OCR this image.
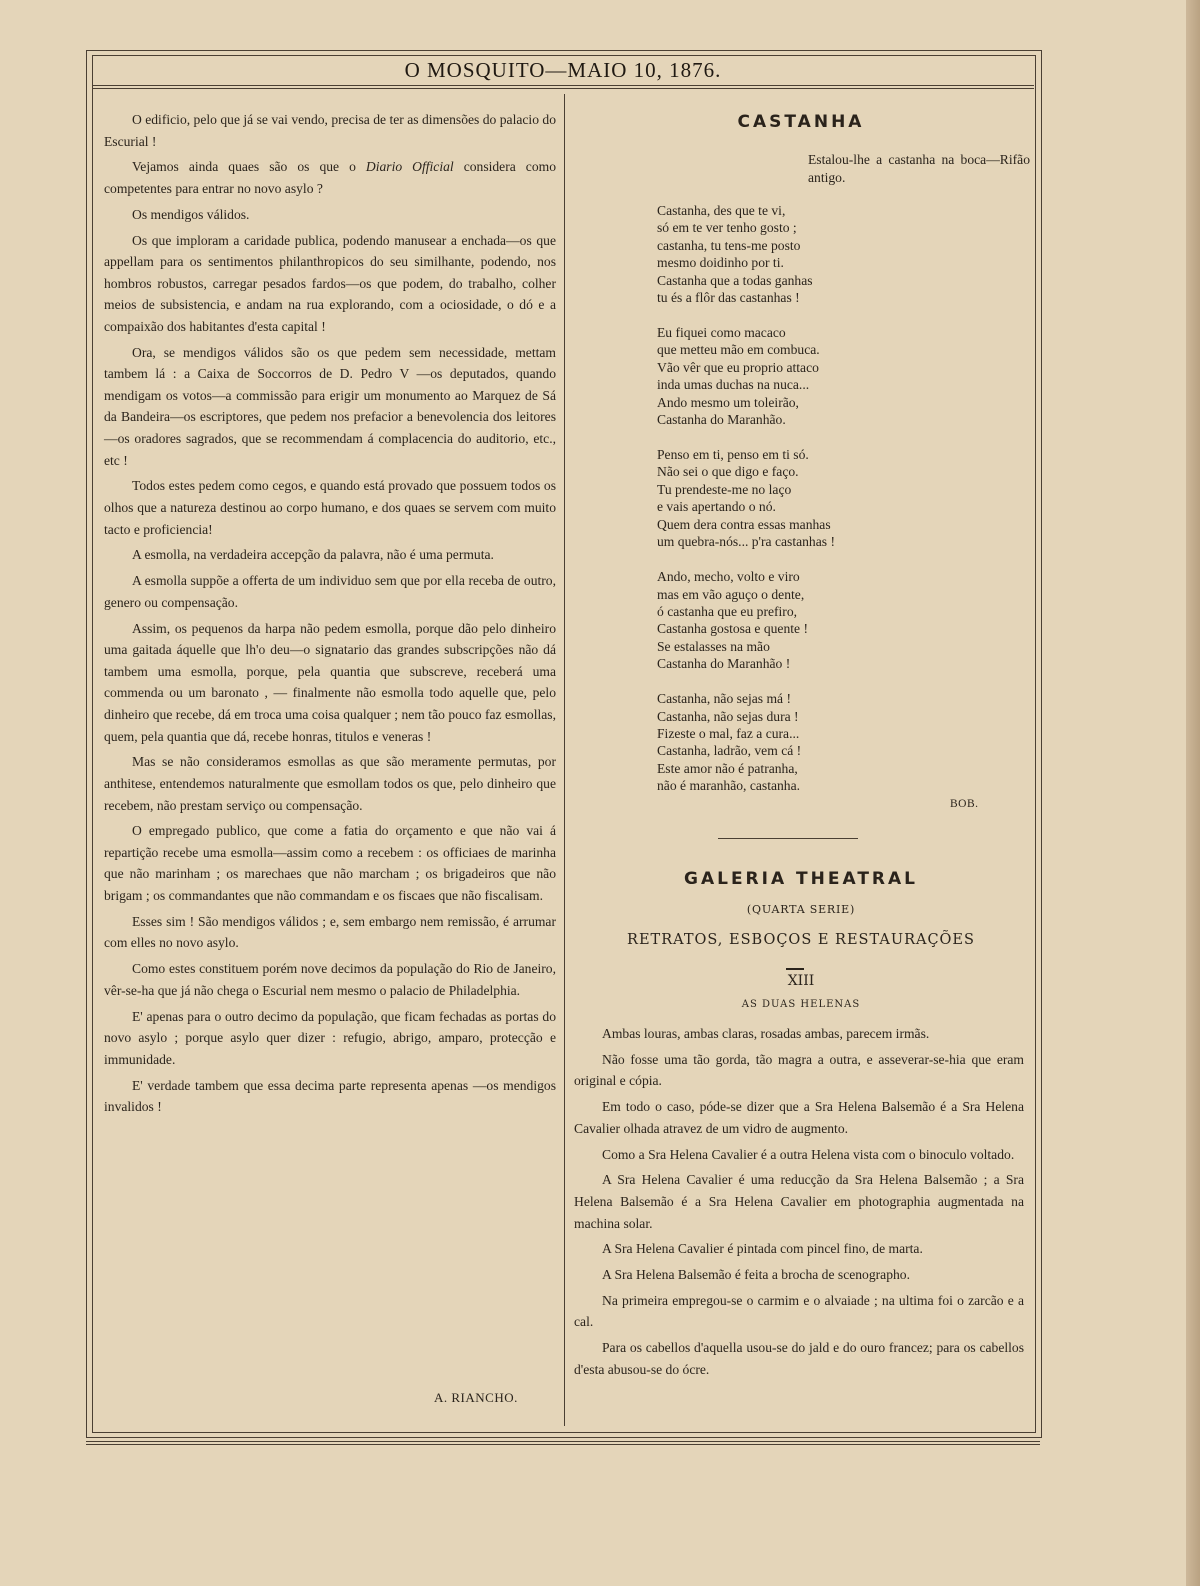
O MOSQUITO—MAIO 10, 1876.

O edificio, pelo que já se vai vendo, precisa de ter as dimensões do palacio do Escurial !

Vejamos ainda quaes são os que o Diario Official considera como competentes para entrar no novo asylo ?

Os mendigos válidos.

Os que imploram a caridade publica, podendo manusear a enchada—os que appellam para os sentimentos philanthropicos do seu similhante, podendo, nos hombros robustos, carregar pesados fardos—os que podem, do trabalho, colher meios de subsistencia, e andam na rua explorando, com a ociosidade, o dó e a compaixão dos habitantes d'esta capital !

Ora, se mendigos válidos são os que pedem sem necessidade, mettam tambem lá : a Caixa de Soccorros de D. Pedro V —os deputados, quando mendigam os votos—a commissão para erigir um monumento ao Marquez de Sá da Bandeira—os escriptores, que pedem nos prefacior a benevolencia dos leitores —os oradores sagrados, que se recommendam á complacencia do auditorio, etc., etc !

Todos estes pedem como cegos, e quando está provado que possuem todos os olhos que a natureza destinou ao corpo humano, e dos quaes se servem com muito tacto e proficiencia!

A esmolla, na verdadeira accepção da palavra, não é uma permuta.

A esmolla suppõe a offerta de um individuo sem que por ella receba de outro, genero ou compensação.

Assim, os pequenos da harpa não pedem esmolla, porque dão pelo dinheiro uma gaitada áquelle que lh'o deu—o signatario das grandes subscripções não dá tambem uma esmolla, porque, pela quantia que subscreve, receberá uma commenda ou um baronato , — finalmente não esmolla todo aquelle que, pelo dinheiro que recebe, dá em troca uma coisa qualquer ; nem tão pouco faz esmollas, quem, pela quantia que dá, recebe honras, titulos e veneras !

Mas se não consideramos esmollas as que são meramente permutas, por anthitese, entendemos naturalmente que esmollam todos os que, pelo dinheiro que recebem, não prestam serviço ou compensação.

O empregado publico, que come a fatia do orçamento e que não vai á repartição recebe uma esmolla—assim como a recebem : os officiaes de marinha que não marinham ; os marechaes que não marcham ; os brigadeiros que não brigam ; os commandantes que não commandam e os fiscaes que não fiscalisam.

Esses sim ! São mendigos válidos ; e, sem embargo nem remissão, é arrumar com elles no novo asylo.

Como estes constituem porém nove decimos da população do Rio de Janeiro, vêr-se-ha que já não chega o Escurial nem mesmo o palacio de Philadelphia.

E' apenas para o outro decimo da população, que ficam fechadas as portas do novo asylo ; porque asylo quer dizer : refugio, abrigo, amparo, protecção e immunidade.

E' verdade tambem que essa decima parte representa apenas —os mendigos invalidos !

A. RIANCHO.
CASTANHA
Estalou-lhe a castanha na boca—Rifão antigo.
Castanha, des que te vi,
só em te ver tenho gosto ;
castanha, tu tens-me posto
mesmo doidinho por ti.
Castanha que a todas ganhas
tu és a flôr das castanhas !
Eu fiquei como macaco
que metteu mão em combuca.
Vão vêr que eu proprio attaco
inda umas duchas na nuca...
Ando mesmo um toleirão,
Castanha do Maranhão.
Penso em ti, penso em ti só.
Não sei o que digo e faço.
Tu prendeste-me no laço
e vais apertando o nó.
Quem dera contra essas manhas
um quebra-nós... p'ra castanhas !
Ando, mecho, volto e viro
mas em vão aguço o dente,
ó castanha que eu prefiro,
Castanha gostosa e quente !
Se estalasses na mão
Castanha do Maranhão !
Castanha, não sejas má !
Castanha, não sejas dura !
Fizeste o mal, faz a cura...
Castanha, ladrão, vem cá !
Este amor não é patranha,
não é maranhão, castanha.
BOB.
GALERIA THEATRAL
(QUARTA SERIE)
RETRATOS, ESBOÇOS E RESTAURAÇÕES
XIII
AS DUAS HELENAS

Ambas louras, ambas claras, rosadas ambas, parecem irmãs.

Não fosse uma tão gorda, tão magra a outra, e asseverar-se-hia que eram original e cópia.

Em todo o caso, póde-se dizer que a Sra Helena Balsemão é a Sra Helena Cavalier olhada atravez de um vidro de augmento.

Como a Sra Helena Cavalier é a outra Helena vista com o binoculo voltado.

A Sra Helena Cavalier é uma reducção da Sra Helena Balsemão ; a Sra Helena Balsemão é a Sra Helena Cavalier em photographia augmentada na machina solar.

A Sra Helena Cavalier é pintada com pincel fino, de marta.

A Sra Helena Balsemão é feita a brocha de scenographo.

Na primeira empregou-se o carmim e o alvaiade ; na ultima foi o zarcão e a cal.

Para os cabellos d'aquella usou-se do jald e do ouro francez; para os cabellos d'esta abusou-se do ócre.
